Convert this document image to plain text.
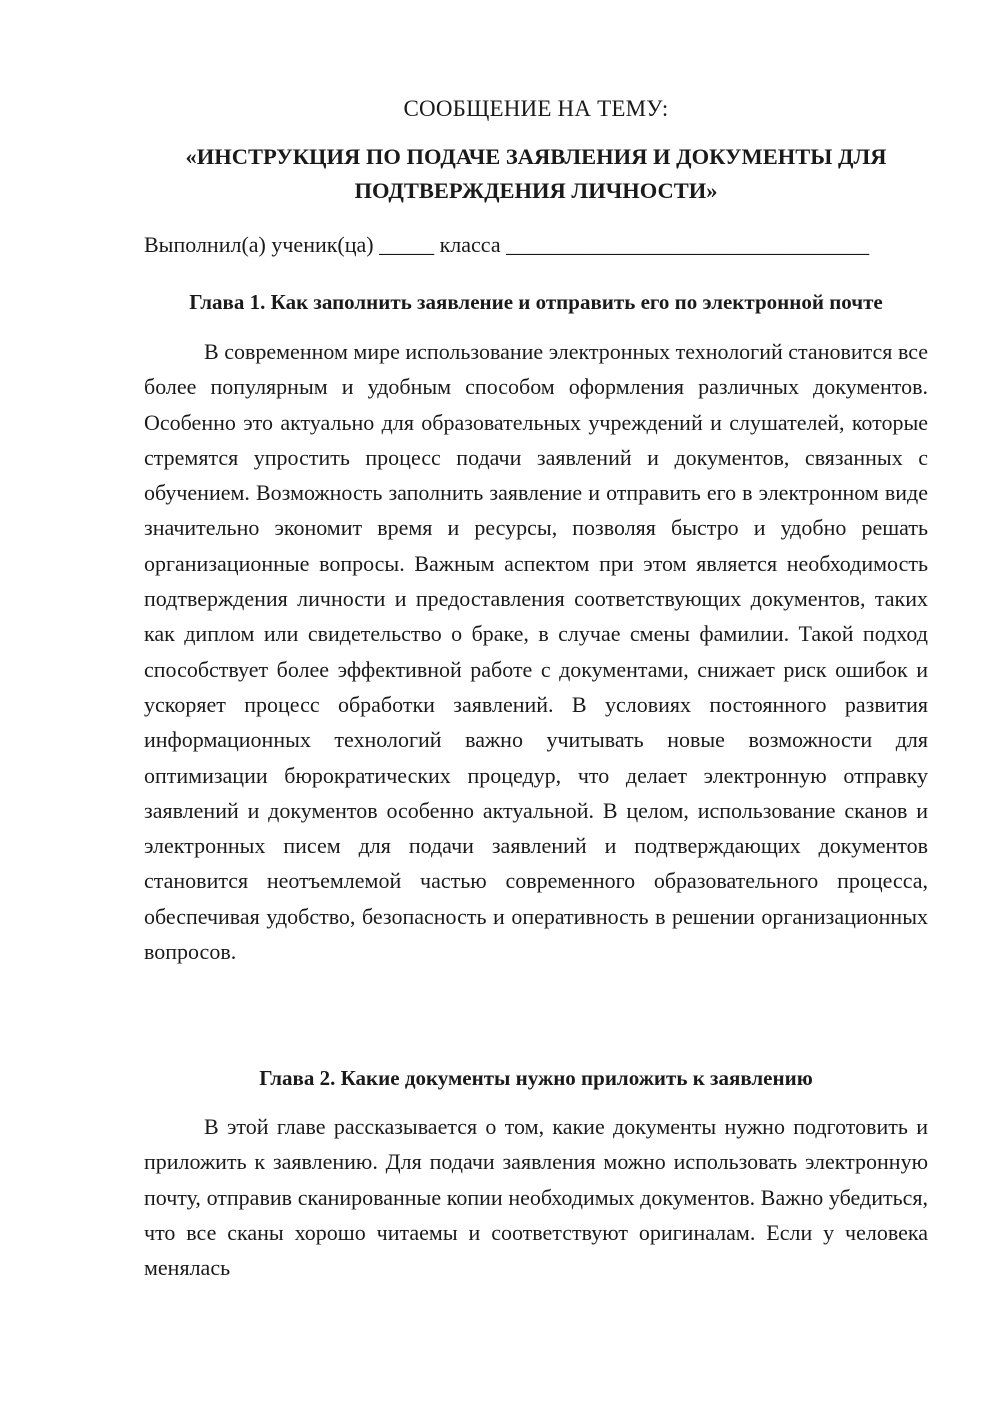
СООБЩЕНИЕ НА ТЕМУ:
«ИНСТРУКЦИЯ ПО ПОДАЧЕ ЗАЯВЛЕНИЯ И ДОКУМЕНТЫ ДЛЯ ПОДТВЕРЖДЕНИЯ ЛИЧНОСТИ»
Выполнил(а) ученик(ца) _____ класса _________________________________
Глава 1. Как заполнить заявление и отправить его по электронной почте
В современном мире использование электронных технологий становится все более популярным и удобным способом оформления различных документов. Особенно это актуально для образовательных учреждений и слушателей, которые стремятся упростить процесс подачи заявлений и документов, связанных с обучением. Возможность заполнить заявление и отправить его в электронном виде значительно экономит время и ресурсы, позволяя быстро и удобно решать организационные вопросы. Важным аспектом при этом является необходимость подтверждения личности и предоставления соответствующих документов, таких как диплом или свидетельство о браке, в случае смены фамилии. Такой подход способствует более эффективной работе с документами, снижает риск ошибок и ускоряет процесс обработки заявлений. В условиях постоянного развития информационных технологий важно учитывать новые возможности для оптимизации бюрократических процедур, что делает электронную отправку заявлений и документов особенно актуальной. В целом, использование сканов и электронных писем для подачи заявлений и подтверждающих документов становится неотъемлемой частью современного образовательного процесса, обеспечивая удобство, безопасность и оперативность в решении организационных вопросов.
Глава 2. Какие документы нужно приложить к заявлению
В этой главе рассказывается о том, какие документы нужно подготовить и приложить к заявлению. Для подачи заявления можно использовать электронную почту, отправив сканированные копии необходимых документов. Важно убедиться, что все сканы хорошо читаемы и соответствуют оригиналам. Если у человека менялась
